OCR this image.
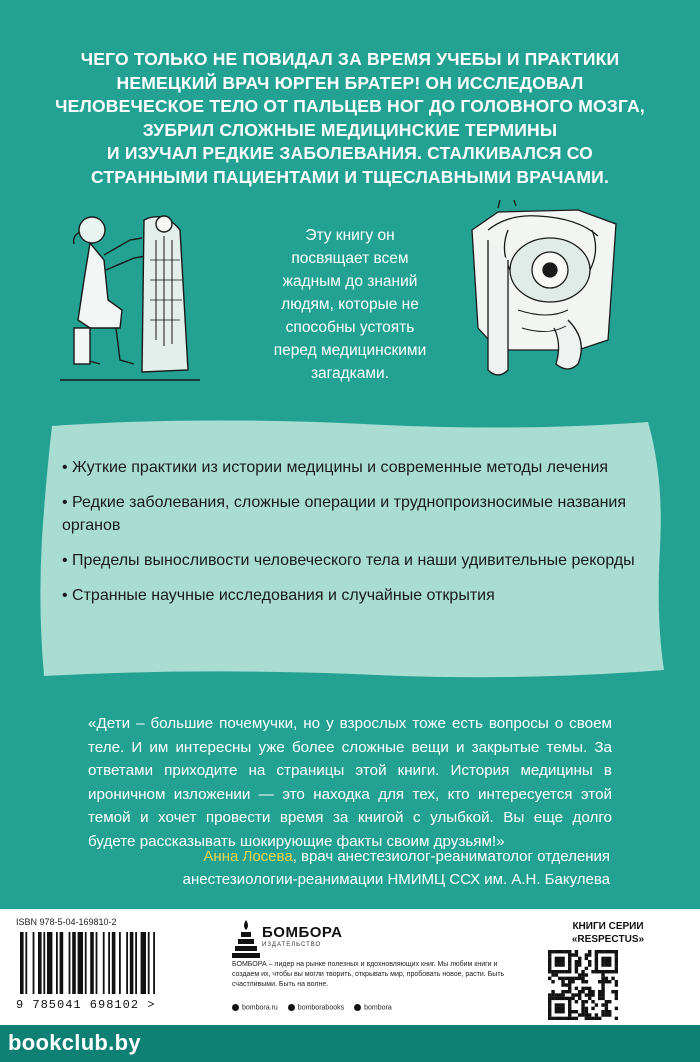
ЧЕГО ТОЛЬКО НЕ ПОВИДАЛ ЗА ВРЕМЯ УЧЕБЫ И ПРАКТИКИ
НЕМЕЦКИЙ ВРАЧ ЮРГЕН БРАТЕР! ОН ИССЛЕДОВАЛ
ЧЕЛОВЕЧЕСКОЕ ТЕЛО ОТ ПАЛЬЦЕВ НОГ ДО ГОЛОВНОГО МОЗГА,
ЗУБРИЛ СЛОЖНЫЕ МЕДИЦИНСКИЕ ТЕРМИНЫ
И ИЗУЧАЛ РЕДКИЕ ЗАБОЛЕВАНИЯ. СТАЛКИВАЛСЯ СО
СТРАННЫМИ ПАЦИЕНТАМИ И ТЩЕСЛАВНЫМИ ВРАЧАМИ.
Эту книгу он
посвящает всем
жадным до знаний
людям, которые не
способны устоять
перед медицинскими
загадками.
• Жуткие практики из истории медицины и современные методы лечения
• Редкие заболевания, сложные операции и труднопроизносимые названия органов
• Пределы выносливости человеческого тела и наши удивительные рекорды
• Странные научные исследования и случайные открытия
«Дети – большие почемучки, но у взрослых тоже есть вопросы о своем
теле. И им интересны уже более сложные вещи и закрытые темы. За
ответами приходите на страницы этой книги. История медицины в
ироничном изложении — это находка для тех, кто интересуется этой
темой и хочет провести время за книгой с улыбкой. Вы еще долго
будете рассказывать шокирующие факты своим друзьям!»
Анна Лосева, врач анестезиолог-реаниматолог отделения
анестезиологии-реанимации НМИМЦ ССХ им. А.Н. Бакулева
ISBN 978-5-04-169810-2
9 785041 698102 >
БОМБОРА
ИЗДАТЕЛЬСТВО
БОМБОРА – лидер на рынке полезных и вдохновляющих книг. Мы любим книги и создаем их, чтобы вы могли творить, открывать мир, пробовать новое, расти. Быть счастливыми. Быть на волне.
bombora.ru	bomborabooks	bombora
КНИГИ СЕРИИ
«RESPECTUS»
bookclub.by
